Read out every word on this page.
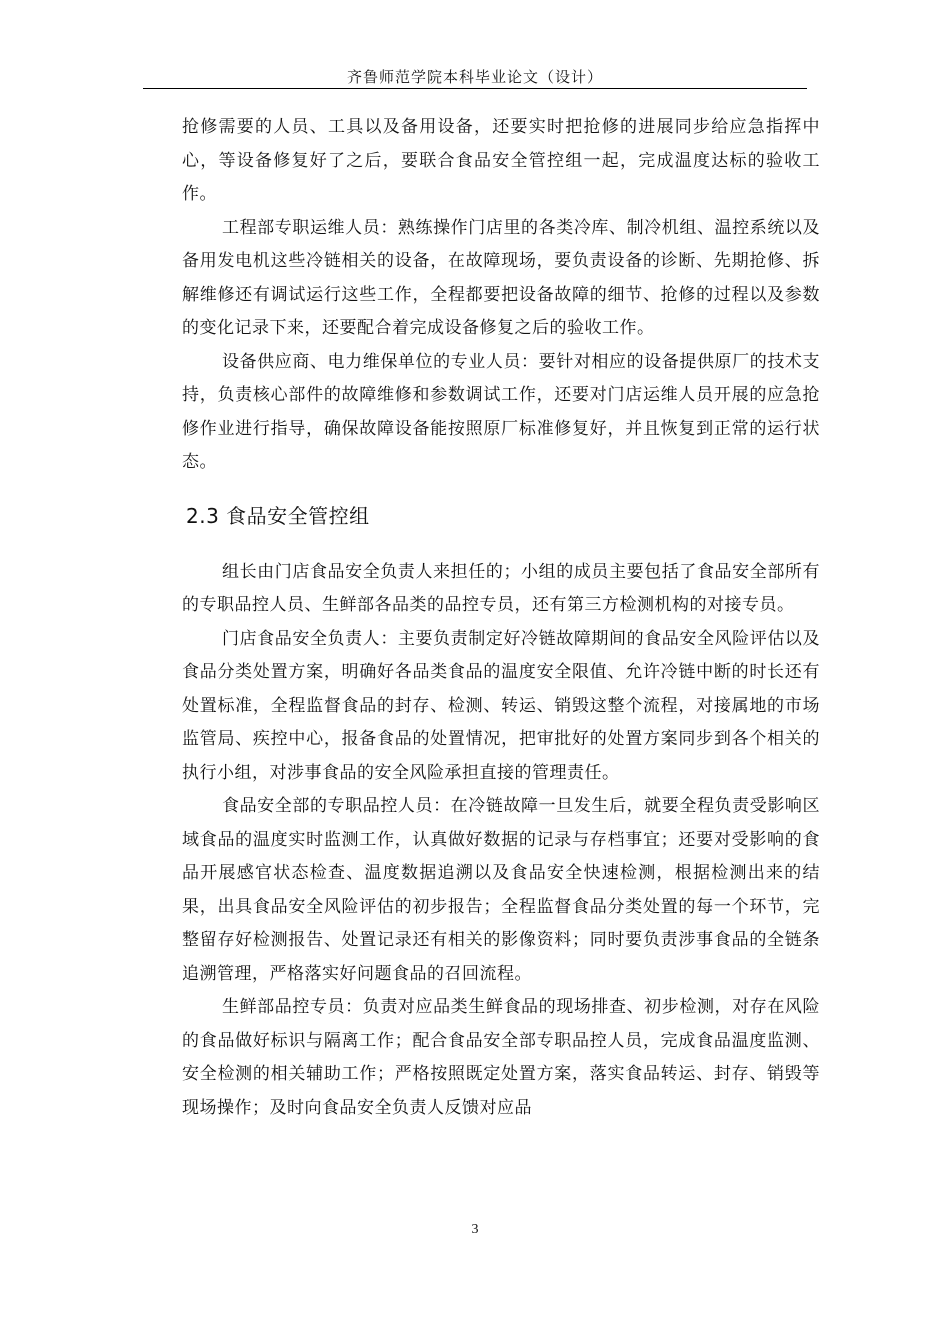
齐鲁师范学院本科毕业论文（设计）

抢修需要的人员、工具以及备用设备，还要实时把抢修的进展同步给应急指挥中心，等设备修复好了之后，要联合食品安全管控组一起，完成温度达标的验收工作。

工程部专职运维人员：熟练操作门店里的各类冷库、制冷机组、温控系统以及备用发电机这些冷链相关的设备，在故障现场，要负责设备的诊断、先期抢修、拆解维修还有调试运行这些工作，全程都要把设备故障的细节、抢修的过程以及参数的变化记录下来，还要配合着完成设备修复之后的验收工作。

设备供应商、电力维保单位的专业人员：要针对相应的设备提供原厂的技术支持，负责核心部件的故障维修和参数调试工作，还要对门店运维人员开展的应急抢修作业进行指导，确保故障设备能按照原厂标准修复好，并且恢复到正常的运行状态。

2.3 食品安全管控组

组长由门店食品安全负责人来担任的；小组的成员主要包括了食品安全部所有的专职品控人员、生鲜部各品类的品控专员，还有第三方检测机构的对接专员。

门店食品安全负责人：主要负责制定好冷链故障期间的食品安全风险评估以及食品分类处置方案，明确好各品类食品的温度安全限值、允许冷链中断的时长还有处置标准，全程监督食品的封存、检测、转运、销毁这整个流程，对接属地的市场监管局、疾控中心，报备食品的处置情况，把审批好的处置方案同步到各个相关的执行小组，对涉事食品的安全风险承担直接的管理责任。

食品安全部的专职品控人员：在冷链故障一旦发生后，就要全程负责受影响区域食品的温度实时监测工作，认真做好数据的记录与存档事宜；还要对受影响的食品开展感官状态检查、温度数据追溯以及食品安全快速检测，根据检测出来的结果，出具食品安全风险评估的初步报告；全程监督食品分类处置的每一个环节，完整留存好检测报告、处置记录还有相关的影像资料；同时要负责涉事食品的全链条追溯管理，严格落实好问题食品的召回流程。

生鲜部品控专员：负责对应品类生鲜食品的现场排查、初步检测，对存在风险的食品做好标识与隔离工作；配合食品安全部专职品控人员，完成食品温度监测、安全检测的相关辅助工作；严格按照既定处置方案，落实食品转运、封存、销毁等现场操作；及时向食品安全负责人反馈对应品

3
